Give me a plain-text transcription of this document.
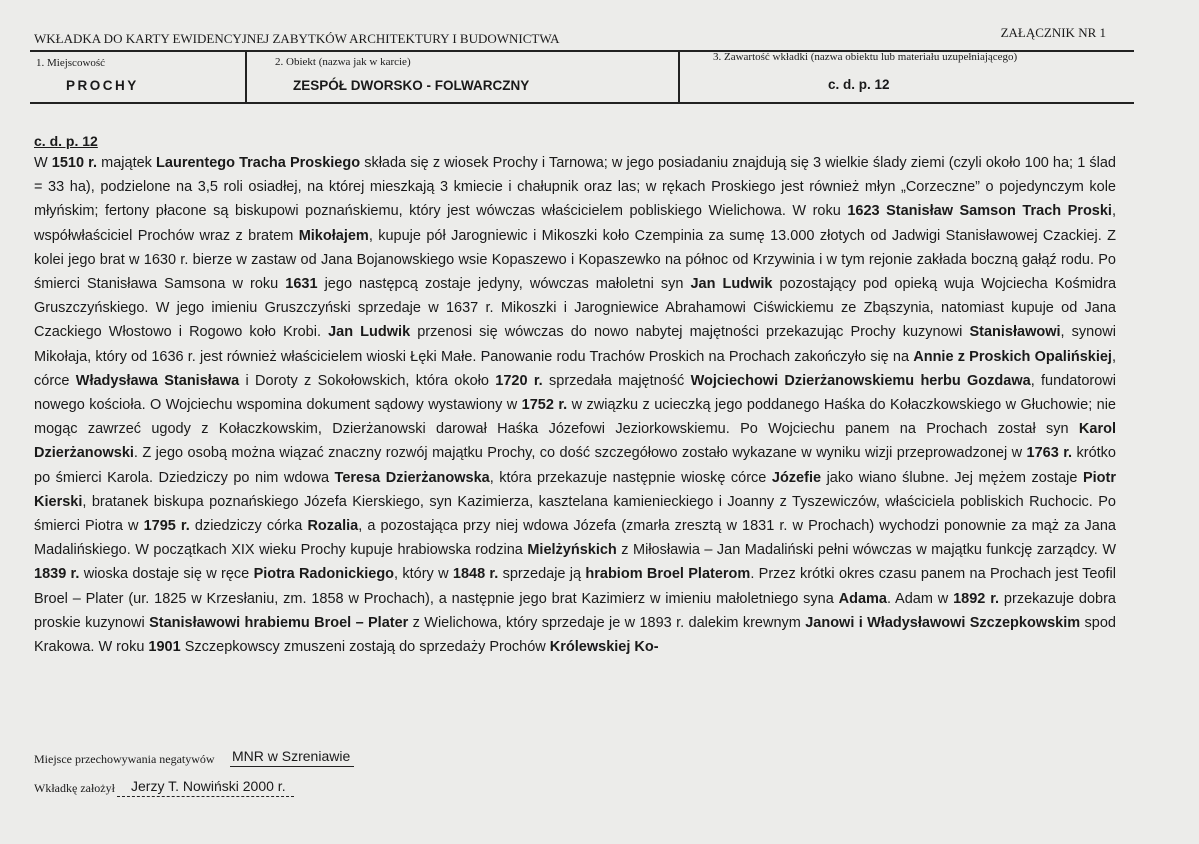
WKŁADKA DO KARTY EWIDENCYJNEJ ZABYTKÓW ARCHITEKTURY I BUDOWNICTWA	ZAŁĄCZNIK NR 1
1. Miejscowość
PROCHY
2. Obiekt (nazwa jak w karcie)
ZESPÓŁ DWORSKO - FOLWARCZNY
3. Zawartość wkładki (nazwa obiektu lub materiału uzupełniającego)
c. d. p. 12
c. d. p. 12
W 1510 r. majątek Laurentego Tracha Proskiego składa się z wiosek Prochy i Tarnowa; w jego posiadaniu znajdują się 3 wielkie ślady ziemi (czyli około 100 ha; 1 ślad = 33 ha), podzielone na 3,5 roli osiadłej, na której mieszkają 3 kmiecie i chałupnik oraz las; w rękach Proskiego jest również młyn „Corzeczne” o pojedynczym kole młyńskim; fertony płacone są biskupowi poznańskiemu, który jest wówczas właścicielem pobliskiego Wielichowa. W roku 1623 Stanisław Samson Trach Proski, współwłaściciel Prochów wraz z bratem Mikołajem, kupuje pół Jarogniewic i Mikoszki koło Czempinia za sumę 13.000 złotych od Jadwigi Stanisławowej Czackiej. Z kolei jego brat w 1630 r. bierze w zastaw od Jana Bojanowskiego wsie Kopaszewo i Kopaszewko na północ od Krzywinia i w tym rejonie zakłada boczną gałąź rodu. Po śmierci Stanisława Samsona w roku 1631 jego następcą zostaje jedyny, wówczas małoletni syn Jan Ludwik pozostający pod opieką wuja Wojciecha Kośmidra Gruszczyńskiego. W jego imieniu Gruszczyński sprzedaje w 1637 r. Mikoszki i Jarogniewice Abrahamowi Ciświckiemu ze Zbąszynia, natomiast kupuje od Jana Czackiego Włostowo i Rogowo koło Krobi. Jan Ludwik przenosi się wówczas do nowo nabytej majętności przekazując Prochy kuzynowi Stanisławowi, synowi Mikołaja, który od 1636 r. jest również właścicielem wioski Łęki Małe. Panowanie rodu Trachów Proskich na Prochach zakończyło się na Annie z Proskich Opalińskiej, córce Władysława Stanisława i Doroty z Sokołowskich, która około 1720 r. sprzedała majętność Wojciechowi Dzierżanowskiemu herbu Gozdawa, fundatorowi nowego kościoła. O Wojciechu wspomina dokument sądowy wystawiony w 1752 r. w związku z ucieczką jego poddanego Haśka do Kołaczkowskiego w Głuchowie; nie mogąc zawrzeć ugody z Kołaczkowskim, Dzierżanowski darował Haśka Józefowi Jeziorkowskiemu. Po Wojciechu panem na Prochach został syn Karol Dzierżanowski. Z jego osobą można wiązać znaczny rozwój majątku Prochy, co dość szczegółowo zostało wykazane w wyniku wizji przeprowadzonej w 1763 r. krótko po śmierci Karola. Dziedziczy po nim wdowa Teresa Dzierżanowska, która przekazuje następnie wioskę córce Józefie jako wiano ślubne. Jej mężem zostaje Piotr Kierski, bratanek biskupa poznańskiego Józefa Kierskiego, syn Kazimierza, kasztelana kamienieckiego i Joanny z Tyszewiczów, właściciela pobliskich Ruchocic. Po śmierci Piotra w 1795 r. dziedziczy córka Rozalia, a pozostająca przy niej wdowa Józefa (zmarła zresztą w 1831 r. w Prochach) wychodzi ponownie za mąż za Jana Madalińskiego. W początkach XIX wieku Prochy kupuje hrabiowska rodzina Mielżyńskich z Miłosławia – Jan Madaliński pełni wówczas w majątku funkcję zarządcy. W 1839 r. wioska dostaje się w ręce Piotra Radonickiego, który w 1848 r. sprzedaje ją hrabiom Broel Platerom. Przez krótki okres czasu panem na Prochach jest Teofil Broel – Plater (ur. 1825 w Krzesłaniu, zm. 1858 w Prochach), a następnie jego brat Kazimierz w imieniu małoletniego syna Adama. Adam w 1892 r. przekazuje dobra proskie kuzynowi Stanisławowi hrabiemu Broel – Plater z Wielichowa, który sprzedaje je w 1893 r. dalekim krewnym Janowi i Władysławowi Szczepkowskim spod Krakowa. W roku 1901 Szczepkowscy zmuszeni zostają do sprzedaży Prochów Królewskiej Ko-
Miejsce przechowywania negatywów MNR w Szreniawie
Wkładkę założył	Jerzy T. Nowiński 2000 r.
